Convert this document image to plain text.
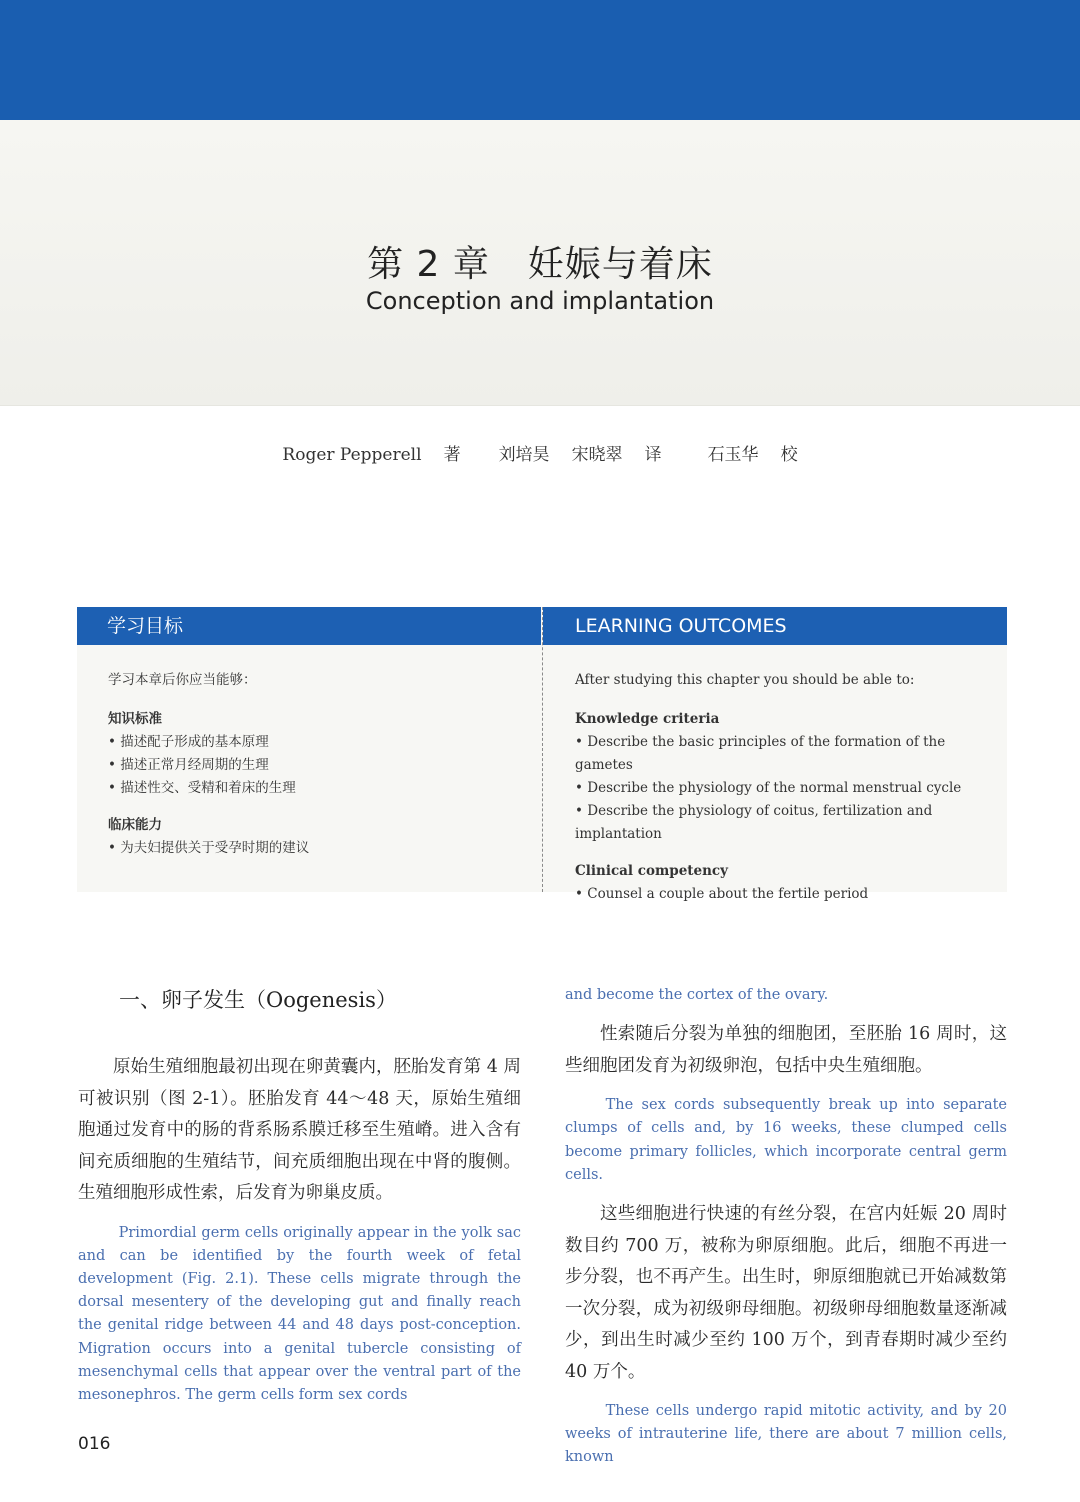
第 2 章 妊娠与着床
Conception and implantation
Roger Pepperell 著 刘培昊 宋晓翠 译	石玉华 校
学习目标	LEARNING OUTCOMES
学习本章后你应当能够：
知识标准
• 描述配子形成的基本原理
• 描述正常月经周期的生理
• 描述性交、受精和着床的生理
临床能力
• 为夫妇提供关于受孕时期的建议
After studying this chapter you should be able to:
Knowledge criteria
• Describe the basic principles of the formation of the gametes
• Describe the physiology of the normal menstrual cycle
• Describe the physiology of coitus, fertilization and implantation
Clinical competency
• Counsel a couple about the fertile period
一、卵子发生（Oogenesis）

原始生殖细胞最初出现在卵黄囊内，胚胎发育第 4 周可被识别（图 2-1）。胚胎发育 44～48 天，原始生殖细胞通过发育中的肠的背系肠系膜迁移至生殖嵴。进入含有间充质细胞的生殖结节，间充质细胞出现在中肾的腹侧。生殖细胞形成性索，后发育为卵巢皮质。

Primordial germ cells originally appear in the yolk sac and can be identified by the fourth week of fetal development (Fig. 2.1). These cells migrate through the dorsal mesentery of the developing gut and finally reach the genital ridge between 44 and 48 days post-conception. Migration occurs into a genital tubercle consisting of mesenchymal cells that appear over the ventral part of the mesonephros. The germ cells form sex cords

and become the cortex of the ovary.

性索随后分裂为单独的细胞团，至胚胎 16 周时，这些细胞团发育为初级卵泡，包括中央生殖细胞。

The sex cords subsequently break up into separate clumps of cells and, by 16 weeks, these clumped cells become primary follicles, which incorporate central germ cells.

这些细胞进行快速的有丝分裂，在宫内妊娠 20 周时数目约 700 万，被称为卵原细胞。此后，细胞不再进一步分裂，也不再产生。出生时，卵原细胞就已开始减数第一次分裂，成为初级卵母细胞。初级卵母细胞数量逐渐减少，到出生时减少至约 100 万个，到青春期时减少至约 40 万个。

These cells undergo rapid mitotic activity, and by 20 weeks of intrauterine life, there are about 7 million cells, known

016
